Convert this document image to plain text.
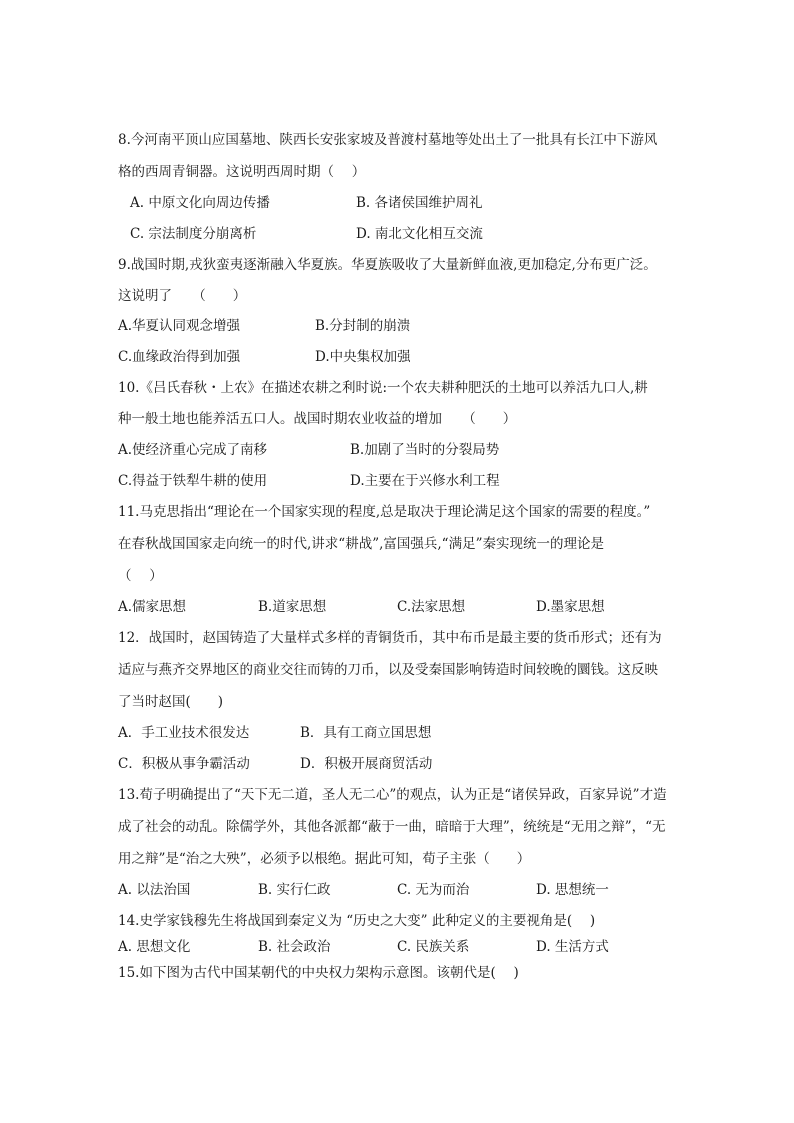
8.今河南平顶山应国墓地、陕西长安张家坡及普渡村墓地等处出土了一批具有长江中下游风
格的西周青铜器。这说明西周时期（　 ）
A. 中原文化向周边传播	B. 各诸侯国维护周礼
C. 宗法制度分崩离析	D. 南北文化相互交流
9.战国时期,戎狄蛮夷逐渐融入华夏族。华夏族吸收了大量新鲜血液,更加稳定,分布更广泛。
这说明了　　（　　）
A.华夏认同观念增强	B.分封制的崩溃
C.血缘政治得到加强	D.中央集权加强
10.《吕氏春秋・上农》在描述农耕之利时说:一个农夫耕种肥沃的土地可以养活九口人,耕
种一般土地也能养活五口人。战国时期农业收益的增加　　（　　）
A.使经济重心完成了南移	B.加剧了当时的分裂局势
C.得益于铁犁牛耕的使用	D.主要在于兴修水利工程
11.马克思指出“理论在一个国家实现的程度,总是取决于理论满足这个国家的需要的程度。”
在春秋战国国家走向统一的时代,讲求“耕战”,富国强兵,“满足”秦实现统一的理论是
（　 ）
A.儒家思想	B.道家思想	C.法家思想	D.墨家思想
12．战国时，赵国铸造了大量样式多样的青铜货币，其中布币是最主要的货币形式；还有为
适应与燕齐交界地区的商业交往而铸的刀币，以及受秦国影响铸造时间较晚的圜钱。这反映
了当时赵国(　　)
A．手工业技术很发达	B．具有工商立国思想
C．积极从事争霸活动	D．积极开展商贸活动
13.荀子明确提出了“天下无二道，圣人无二心”的观点，认为正是“诸侯异政，百家异说”才造
成了社会的动乱。除儒学外，其他各派都“蔽于一曲，暗暗于大理”，统统是“无用之辩”，“无
用之辩”是“治之大殃”，必须予以根绝。据此可知，荀子主张（　　）
A. 以法治国	B. 实行仁政	C. 无为而治	D. 思想统一
14.史学家钱穆先生将战国到秦定义为 “历史之大变” 此种定义的主要视角是(　 )
A. 思想文化	B. 社会政治	C. 民族关系	D. 生活方式
15.如下图为古代中国某朝代的中央权力架构示意图。该朝代是(　 )
